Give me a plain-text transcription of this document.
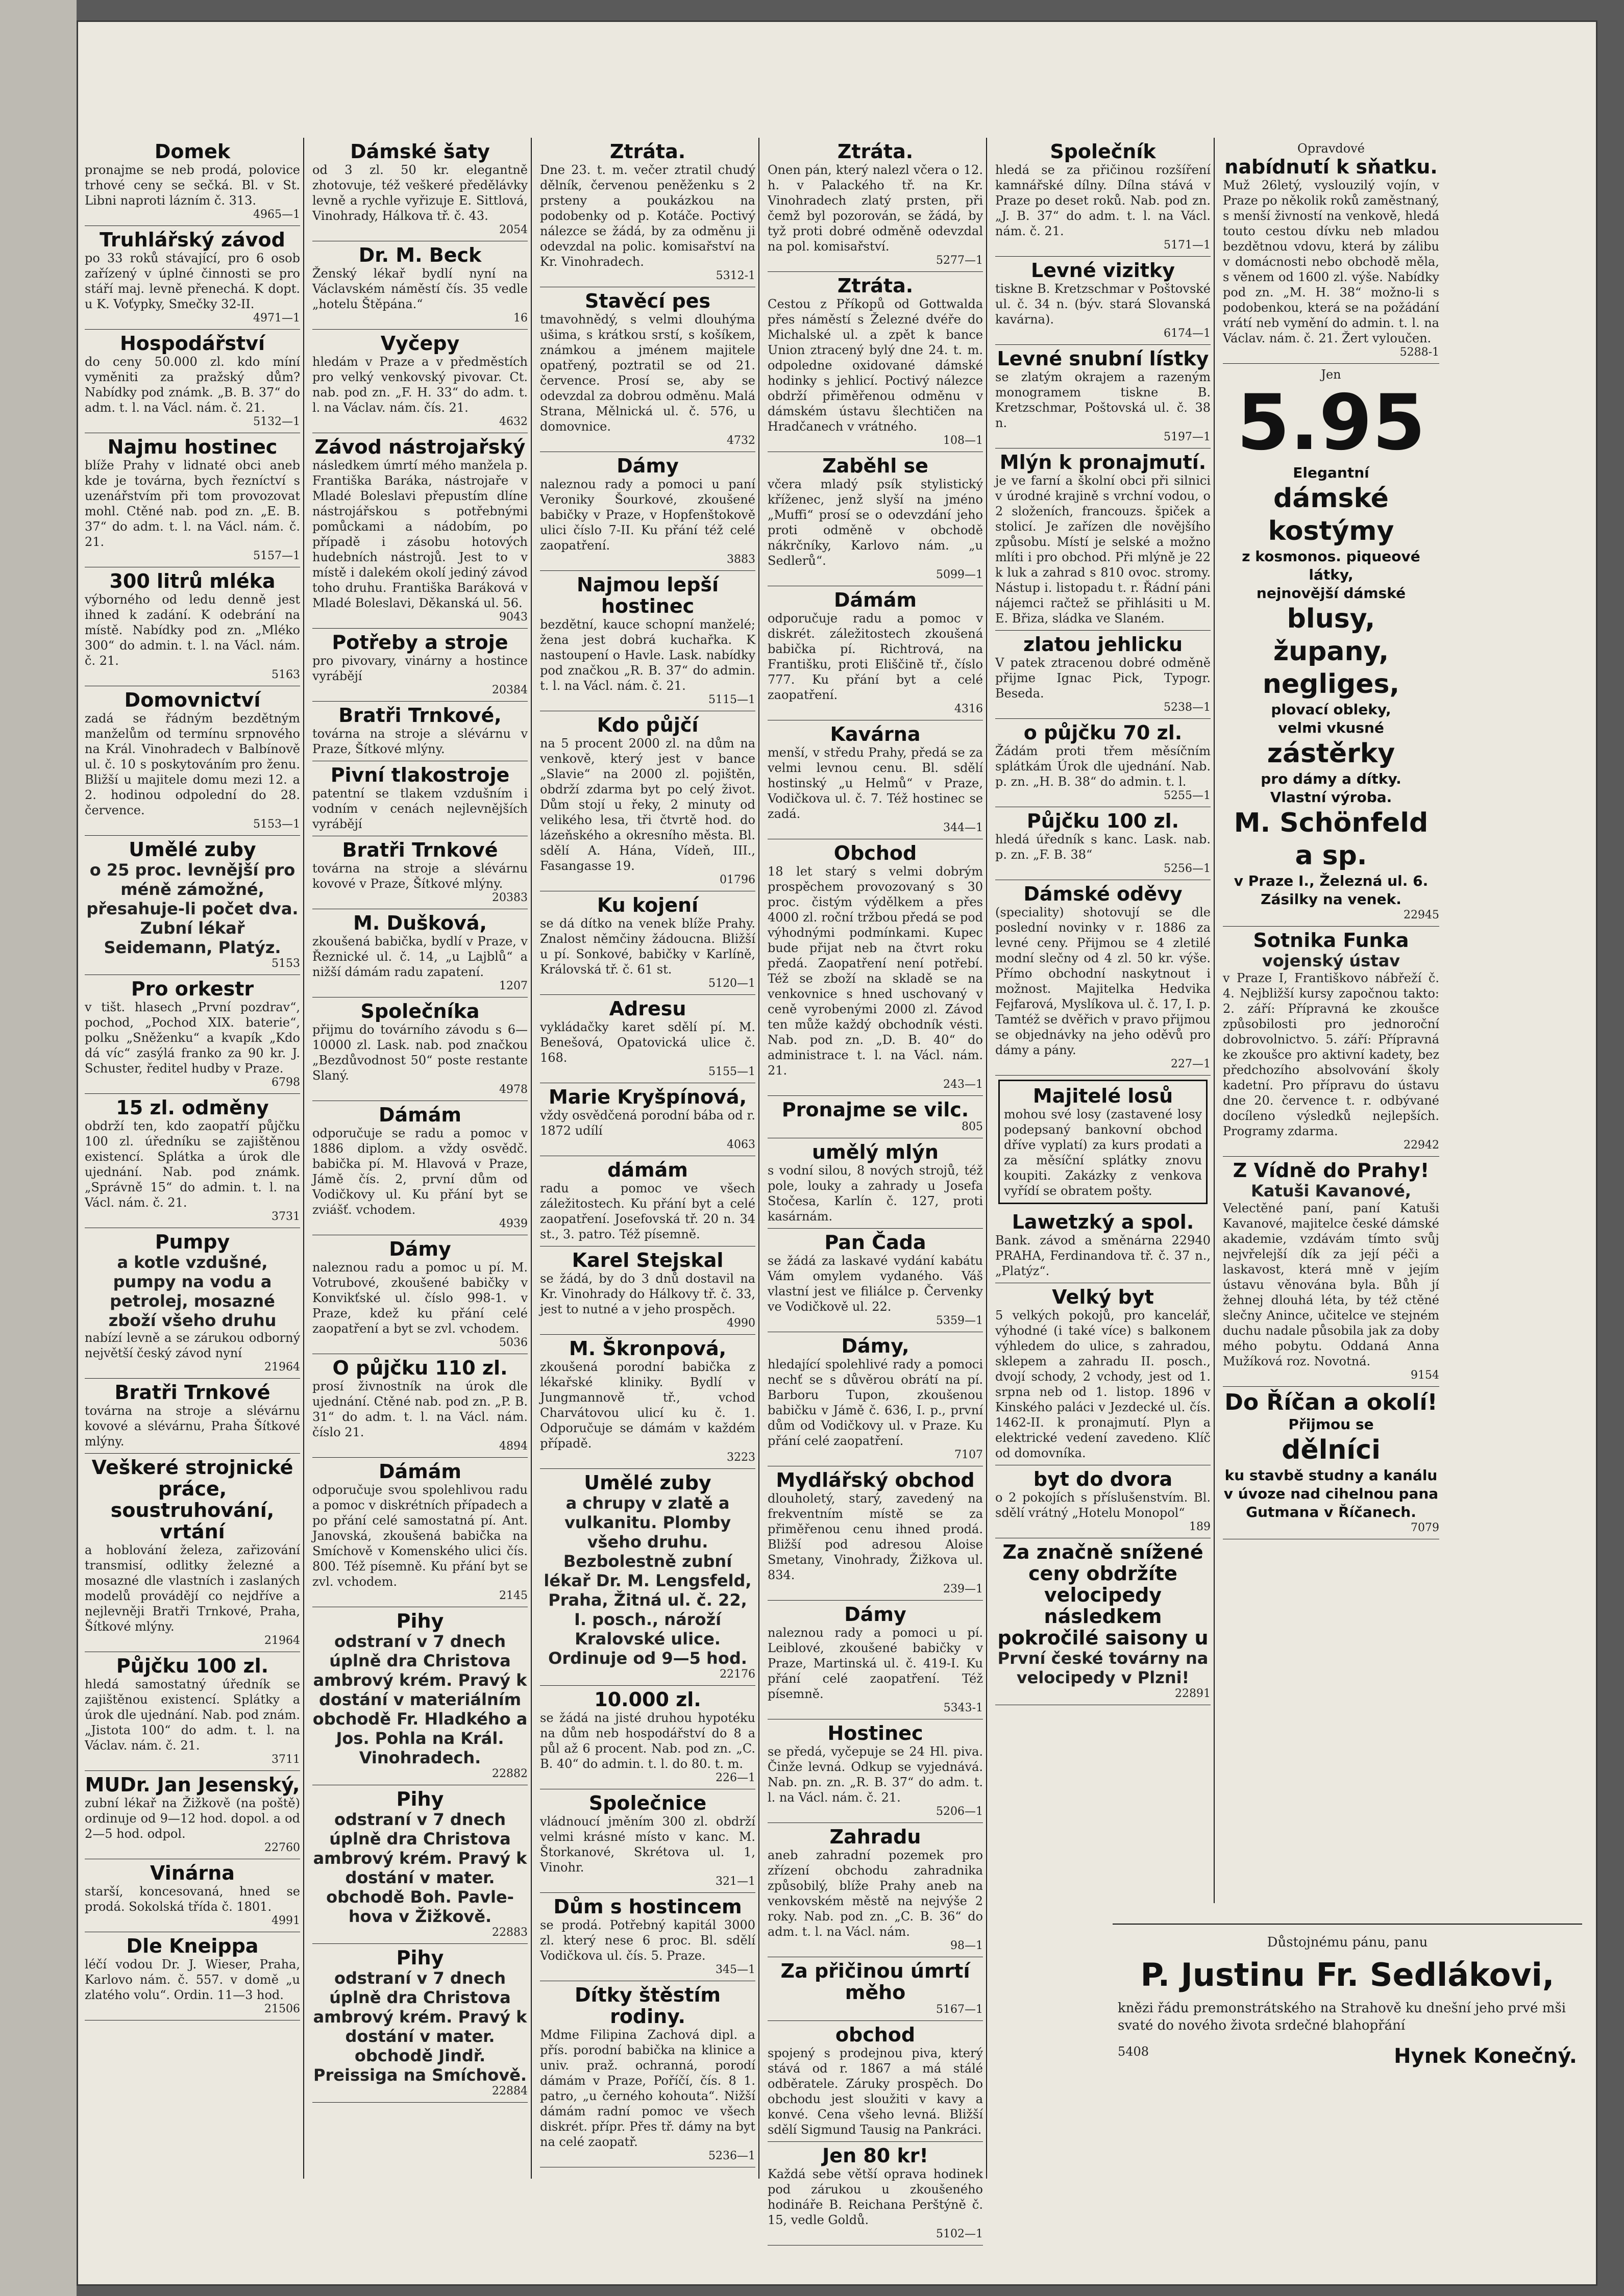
Domek
pronajme se neb prodá, polovice trhové ceny se sečká. Bl. v St. Libni naproti lázním č. 313.
4965—1
Truhlářský závod
po 33 roků stávající, pro 6 osob zařízený v úplné činnosti se pro stáří maj. levně přenechá. K dopt. u K. Voťypky, Smečky 32-II.
4971—1
Hospodářství
do ceny 50.000 zl. kdo míní vyměniti za pražský dům? Nabídky pod známk. „B. B. 37“ do adm. t. l. na Václ. nám. č. 21.
5132—1
Najmu hostinec
blíže Prahy v lidnaté obci aneb kde je továrna, bych řezníctví s uzenářstvím při tom provozovat mohl. Ctěné nab. pod zn. „E. B. 37“ do adm. t. l. na Václ. nám. č. 21.
5157—1
300 litrů mléka
výborného od ledu denně jest ihned k zadání. K odebrání na místě. Nabídky pod zn. „Mléko 300“ do admin. t. l. na Václ. nám. č. 21.
5163
Domovnictví
zadá se řádným bezdětným manželům od termínu srpnového na Král. Vinohradech v Balbínově ul. č. 10 s poskytováním pro ženu. Bližší u majitele domu mezi 12. a 2. hodinou odpolední do 28. července.
5153—1
Umělé zuby
o 25 proc. levnější pro méně zámožné, přesahuje-li počet dva. Zubní lékař Seidemann, Platýz.
5153
Pro orkestr
v tišt. hlasech „První pozdrav“, pochod, „Pochod XIX. baterie“, polku „Sněženku“ a kvapík „Kdo dá víc“ zasýlá franko za 90 kr. J. Schuster, ředitel hudby v Praze.
6798
15 zl. odměny
obdrží ten, kdo zaopatří půjčku 100 zl. úředníku se zajištěnou existencí. Splátka a úrok dle ujednání. Nab. pod známk. „Správně 15“ do admin. t. l. na Václ. nám. č. 21.
3731
Pumpy
a kotle vzdušné, pumpy na vodu a petrolej, mosazné zboží všeho druhu
nabízí levně a se zárukou odborný největší český závod nyní
21964
Bratři Trnkové
továrna na stroje a slévárnu kovové a slévárnu, Praha Šítkové mlýny.
Veškeré strojnické práce, soustruhování, vrtání
a hoblování železa, zařizování transmisí, odlitky železné a mosazné dle vlastních i zaslaných modelů provádějí co nejdříve a nejlevněji Bratři Trnkové, Praha, Šítkové mlýny.
21964
Půjčku 100 zl.
hledá samostatný úředník se zajištěnou existencí. Splátky a úrok dle ujednání. Nab. pod znám. „Jistota 100“ do adm. t. l. na Václav. nám. č. 21.
3711
MUDr. Jan Jesenský,
zubní lékař na Žižkově (na poště) ordinuje od 9—12 hod. dopol. a od 2—5 hod. odpol.
22760
Vinárna
starší, koncesovaná, hned se prodá. Sokolská třída č. 1801.
4991
Dle Kneippa
léčí vodou Dr. J. Wieser, Praha, Karlovo nám. č. 557. v domě „u zlatého volu“. Ordin. 11—3 hod.
21506
Dámské šaty
od 3 zl. 50 kr. elegantně zhotovuje, též veškeré předělávky levně a rychle vyřizuje E. Sittlová, Vinohrady, Hálkova tř. č. 43.
2054
Dr. M. Beck
Ženský lékař bydlí nyní na Václavském náměstí čís. 35 vedle „hotelu Štěpána.“
16
Vyčepy
hledám v Praze a v předměstích pro velký venkovský pivovar. Ct. nab. pod zn. „F. H. 33“ do adm. t. l. na Václav. nám. čís. 21.
4632
Závod nástrojařský
následkem úmrtí mého manžela p. Františka Baráka, nástrojaře v Mladé Boleslavi přepustím dlíne nástrojářskou s potřebnými pomůckami a nádobím, po případě i zásobu hotových hudebních nástrojů. Jest to v místě i dalekém okolí jediný závod toho druhu. Františka Baráková v Mladé Boleslavi, Děkanská ul. 56.
9043
Potřeby a stroje
pro pivovary, vinárny a hostince vyrábějí
20384
Bratři Trnkové,
továrna na stroje a slévárnu v Praze, Šítkové mlýny.
Pivní tlakostroje
patentní se tlakem vzdušním i vodním v cenách nejlevnějších vyrábějí
Bratři Trnkové
továrna na stroje a slévárnu kovové v Praze, Šítkové mlýny.
20383
M. Dušková,
zkoušená babička, bydlí v Praze, v Řeznické ul. č. 14, „u Lajblů“ a nižší dámám radu zapatení.
1207
Společníka
přijmu do továrního závodu s 6—10000 zl. Lask. nab. pod značkou „Bezdůvodnost 50“ poste restante Slaný.
4978
Dámám
odporučuje se radu a pomoc v 1886 diplom. a vždy osvědč. babička pí. M. Hlavová v Praze, Jámě čís. 2, první dům od Vodičkovy ul. Ku přání byt se zviášť. vchodem.
4939
Dámy
naleznou radu a pomoc u pí. M. Votrubové, zkoušené babičky v Konvikťské ul. číslo 998-1. v Praze, kdež ku přání celé zaopatření a byt se zvl. vchodem.
5036
O půjčku 110 zl.
prosí živnostník na úrok dle ujednání. Ctěné nab. pod zn. „P. B. 31“ do adm. t. l. na Václ. nám. číslo 21.
4894
Dámám
odporučuje svou spolehlivou radu a pomoc v diskrétních případech a po přání celé samostatná pí. Ant. Janovská, zkoušená babička na Smíchově v Komenského ulici čís. 800. Též písemně. Ku přání byt se zvl. vchodem.
2145
Pihy
odstraní v 7 dnech úplně dra Christova ambrový krém. Pravý k dostání v materiálním obchodě Fr. Hladkého a Jos. Pohla na Král. Vinohradech.
22882
Pihy
odstraní v 7 dnech úplně dra Christova ambrový krém. Pravý k dostání v mater. obchodě Boh. Pavle-hova v Žižkově.
22883
Pihy
odstraní v 7 dnech úplně dra Christova ambrový krém. Pravý k dostání v mater. obchodě Jindř. Preissiga na Smíchově.
22884
Ztráta.
Dne 23. t. m. večer ztratil chudý dělník, červenou peněženku s 2 prsteny a poukázkou na podobenky od p. Kotáče. Poctivý nálezce se žádá, by za odměnu ji odevzdal na polic. komisařství na Kr. Vinohradech.
5312-1
Stavěcí pes
tmavohnědý, s velmi dlouhýma ušima, s krátkou srstí, s košíkem, známkou a jménem majitele opatřený, poztratil se od 21. července. Prosí se, aby se odevzdal za dobrou odměnu. Malá Strana, Mělnická ul. č. 576, u domovnice.
4732
Dámy
naleznou rady a pomoci u paní Veroniky Šourkové, zkoušené babičky v Praze, v Hopfenštokově ulici číslo 7-II. Ku přání též celé zaopatření.
3883
Najmou lepší hostinec
bezdětní, kauce schopní manželé; žena jest dobrá kuchařka. K nastoupení o Havle. Lask. nabídky pod značkou „R. B. 37“ do admin. t. l. na Václ. nám. č. 21.
5115—1
Kdo půjčí
na 5 procent 2000 zl. na dům na venkově, který jest v bance „Slavie“ na 2000 zl. pojištěn, obdrží zdarma byt po celý život. Dům stojí u řeky, 2 minuty od velikého lesa, tři čtvrtě hod. do lázeňského a okresního města. Bl. sdělí A. Hána, Vídeň, III., Fasangasse 19.
01796
Ku kojení
se dá dítko na venek blíže Prahy. Znalost němčiny žádoucna. Bližší u pí. Sonkové, babičky v Karlíně, Královská tř. č. 61 st.
5120—1
Adresu
vykládačky karet sdělí pí. M. Benešová, Opatovická ulice č. 168.
5155—1
Marie Kryšpínová,
vždy osvědčená porodní bába od r. 1872 udílí
4063
dámám
radu a pomoc ve všech záležitostech. Ku přání byt a celé zaopatření. Josefovská tř. 20 n. 34 st., 3. patro. Též písemně.
Karel Stejskal
se žádá, by do 3 dnů dostavil na Kr. Vinohrady do Hálkovy tř. č. 33, jest to nutné a v jeho prospěch.
4990
M. Škronpová,
zkoušená porodní babička z lékařské kliniky. Bydlí v Jungmannově tř., vchod Charvátovou ulicí ku č. 1. Odporučuje se dámám v každém případě.
3223
Umělé zuby
a chrupy v zlatě a vulkanitu. Plomby všeho druhu. Bezbolestně zubní lékař Dr. M. Lengsfeld, Praha, Žitná ul. č. 22, I. posch., nároží Kralovské ulice. Ordinuje od 9—5 hod.
22176
10.000 zl.
se žádá na jisté druhou hypotéku na dům neb hospodářství do 8 a půl až 6 procent. Nab. pod zn. „C. B. 40“ do admin. t. l. do 80. t. m.
226—1
Společnice
vládnoucí jměním 300 zl. obdrží velmi krásné místo v kanc. M. Štorkanové, Skrétova ul. 1, Vinohr.
321—1
Dům s hostincem
se prodá. Potřebný kapitál 3000 zl. který nese 6 proc. Bl. sdělí Vodičkova ul. čís. 5. Praze.
345—1
Dítky štěstím rodiny.
Mdme Filipina Zachová dipl. a přís. porodní babička na klinice a univ. praž. ochranná, porodí dámám v Praze, Poříčí, čís. 8 1. patro, „u černého kohouta“. Nižší dámám radní pomoc ve všech diskrét. přípr. Přes tř. dámy na byt na celé zaopatř.
5236—1
Ztráta.
Onen pán, který nalezl včera o 12. h. v Palackého tř. na Kr. Vinohradech zlatý prsten, při čemž byl pozorován, se žádá, by tyž proti dobré odměně odevzdal na pol. komisařství.
5277—1
Ztráta.
Cestou z Příkopů od Gottwalda přes náměstí s Železné dvéře do Michalské ul. a zpět k bance Union ztracený bylý dne 24. t. m. odpoledne oxidované dámské hodinky s jehlicí. Poctivý nálezce obdrží přiměřenou odměnu v dámském ústavu šlechtičen na Hradčanech v vrátného.
108—1
Zaběhl se
včera mladý psík stylistický kříženec, jenž slyší na jméno „Muffi“ prosí se o odevzdání jeho proti odměně v obchodě nákrčníky, Karlovo nám. „u Sedlerů“.
5099—1
Dámám
odporučuje radu a pomoc v diskrét. záležitostech zkoušená babička pí. Richtrová, na Františku, proti Eliščině tř., číslo 777. Ku přání byt a celé zaopatření.
4316
Kavárna
menší, v středu Prahy, předá se za velmi levnou cenu. Bl. sdělí hostinský „u Helmů“ v Praze, Vodičkova ul. č. 7. Též hostinec se zadá.
344—1
Obchod
18 let starý s velmi dobrým prospěchem provozovaný s 30 proc. čistým výdělkem a přes 4000 zl. roční tržbou předá se pod výhodnými podmínkami. Kupec bude přijat neb na čtvrt roku předá. Zaopatření není potřebí. Též se zboží na skladě se na venkovnice s hned uschovaný v ceně vyrobenými 2000 zl. Závod ten může každý obchodník vésti. Nab. pod zn. „D. B. 40“ do administrace t. l. na Václ. nám. 21.
243—1
Pronajme se vilc.
805
umělý mlýn
s vodní silou, 8 nových strojů, též pole, louky a zahrady u Josefa Stočesa, Karlín č. 127, proti kasárnám.
Pan Čada
se žádá za laskavé vydání kabátu Vám omylem vydaného. Váš vlastní jest ve filiálce p. Červenky ve Vodičkově ul. 22.
5359—1
Dámy,
hledající spolehlivé rady a pomoci nechť se s důvěrou obrátí na pí. Barboru Tupon, zkoušenou babičku v Jámě č. 636, I. p., první dům od Vodičkovy ul. v Praze. Ku přání celé zaopatření.
7107
Mydlářský obchod
dlouholetý, starý, zavedený na frekventním místě se za přiměřenou cenu ihned prodá. Bližší pod adresou Aloise Smetany, Vinohrady, Žižkova ul. 834.
239—1
Dámy
naleznou rady a pomoci u pí. Leiblové, zkoušené babičky v Praze, Martinská ul. č. 419-I. Ku přání celé zaopatření. Též písemně.
5343-1
Hostinec
se předá, vyčepuje se 24 Hl. piva. Činže levná. Odkup se vyjednává. Nab. pn. zn. „R. B. 37“ do adm. t. l. na Václ. nám. č. 21.
5206—1
Zahradu
aneb zahradní pozemek pro zřízení obchodu zahradnika způsobilý, blíže Prahy aneb na venkovském městě na nejvýše 2 roky. Nab. pod zn. „C. B. 36“ do adm. t. l. na Václ. nám.
98—1
Za přičinou úmrtí měho
5167—1
obchod
spojený s prodejnou piva, který stává od r. 1867 a má stálé odběratele. Záruky prospěch. Do obchodu jest sloužiti v kavy a konvé. Cena všeho levná. Bližší sdělí Sigmund Tausig na Pankráci.
Jen 80 kr!
Každá sebe větší oprava hodinek pod zárukou u zkoušeného hodináře B. Reichana Perštýně č. 15, vedle Goldů.
5102—1
Společník
hledá se za přičinou rozšíření kamnářské dílny. Dílna stává v Praze po deset roků. Nab. pod zn. „J. B. 37“ do adm. t. l. na Václ. nám. č. 21.
5171—1
Levné vizitky
tiskne B. Kretzschmar v Poštovské ul. č. 34 n. (býv. stará Slovanská kavárna).
6174—1
Levné snubní lístky
se zlatým okrajem a razeným monogramem tiskne B. Kretzschmar, Poštovská ul. č. 38 n.
5197—1
Mlýn k pronajmutí.
je ve farní a školní obci při silnici v úrodné krajině s vrchní vodou, o 2 složeních, francouzs. špiček a stolicí. Je zařízen dle novějšího způsobu. Místí je selské a možno mlíti i pro obchod. Při mlýně je 22 k luk a zahrad s 810 ovoc. stromy. Nástup i. listopadu t. r. Řádní páni nájemci račtež se přihlásiti u M. E. Břiza, sládka ve Slaném.
zlatou jehlicku
V patek ztracenou dobré odměně přijme Ignac Pick, Typogr. Beseda.
5238—1
o půjčku 70 zl.
Žádám proti třem měsíčním splátkám Úrok dle ujednání. Nab. p. zn. „H. B. 38“ do admin. t. l.
5255—1
Půjčku 100 zl.
hledá úředník s kanc. Lask. nab. p. zn. „F. B. 38“
5256—1
Dámské oděvy
(speciality) shotovují se dle poslední novinky v r. 1886 za levné ceny. Přijmou se 4 zletilé modní slečny od 4 zl. 50 kr. výše. Přímo obchodní naskytnout i možnost. Majitelka Hedvika Fejfarová, Myslíkova ul. č. 17, I. p. Tamtéž se dvěřich v pravo přijmou se objednávky na jeho oděvů pro dámy a pány.
227—1
Majitelé losů
mohou své losy (zastavené losy podepsaný bankovní obchod dříve vyplatí) za kurs prodati a za měsíční splátky znovu koupiti. Zakázky z venkova vyřídí se obratem pošty.
Lawetzký a spol.
Bank. závod a směnárna 22940 PRAHA, Ferdinandova tř. č. 37 n., „Platýz“.
Velký byt
5 velkých pokojů, pro kancelář, výhodné (i také více) s balkonem výhledem do ulice, s zahradou, sklepem a zahradu II. posch., dvojí schody, 2 vchody, jest od 1. srpna neb od 1. listop. 1896 v Kinského paláci v Jezdecké ul. čís. 1462-II. k pronajmutí. Plyn a elektrické vedení zavedeno. Klíč od domovníka.
byt do dvora
o 2 pokojích s příslušenstvím. Bl. sdělí vrátný „Hotelu Monopol“
189
Za značně snížené ceny obdržíte velocipedy následkem pokročilé saisony u
První české továrny na velocipedy v Plzni!
22891
Opravdové
nabídnutí k sňatku.
Muž 26letý, vyslouzilý vojín, v Praze po několik roků zaměstnaný, s menší živností na venkově, hledá touto cestou dívku neb mladou bezdětnou vdovu, která by zálibu v domácnosti nebo obchodě měla, s věnem od 1600 zl. výše. Nabídky pod zn. „M. H. 38“ možno-li s podobenkou, která se na požádání vrátí neb vymění do admin. t. l. na Václav. nám. č. 21. Žert vyloučen.
5288-1
Jen
5.95
Elegantní
dámské
kostýmy
z kosmonos. piqueové látky,
nejnovější dámské
blusy,
župany,
negliges,
plovací obleky,
velmi vkusné
zástěrky
pro dámy a dítky.
Vlastní výroba.
M. Schönfeld a sp.
v Praze I., Železná ul. 6.
Zásilky na venek.
22945
Sotnika Funka
vojenský ústav
v Praze I, Františkovo nábřeží č. 4. Nejbližší kursy započnou takto: 2. září: Přípravná ke zkoušce způsobilosti pro jednoroční dobrovolnictvo. 5. září: Přípravná ke zkoušce pro aktivní kadety, bez předchozího absolvování školy kadetní. Pro přípravu do ústavu dne 20. července t. r. odbývané docíleno výsledků nejlepších. Programy zdarma.
22942
Z Vídně do Prahy!
Katuši Kavanové,
Velectěné paní, paní Katuši Kavanové, majitelce české dámské akademie, vzdávám tímto svůj nejvřelejší dík za její péči a laskavost, která mně v jejím ústavu věnována byla. Bůh jí žehnej dlouhá léta, by též ctěné slečny Anince, učitelce ve stejném duchu nadale působila jak za doby mého pobytu. Oddaná Anna Mužíková roz. Novotná.
9154
Do Říčan a okolí!
Přijmou se
dělníci
ku stavbě studny a kanálu v úvoze nad cihelnou pana Gutmana v Říčanech.
7079
Důstojnému pánu, panu
P. Justinu Fr. Sedlákovi,
knězi řádu premonstrátského na Strahově ku dnešní jeho prvé mši svaté do nového života srdečné blahopřání
5408	Hynek Konečný.
